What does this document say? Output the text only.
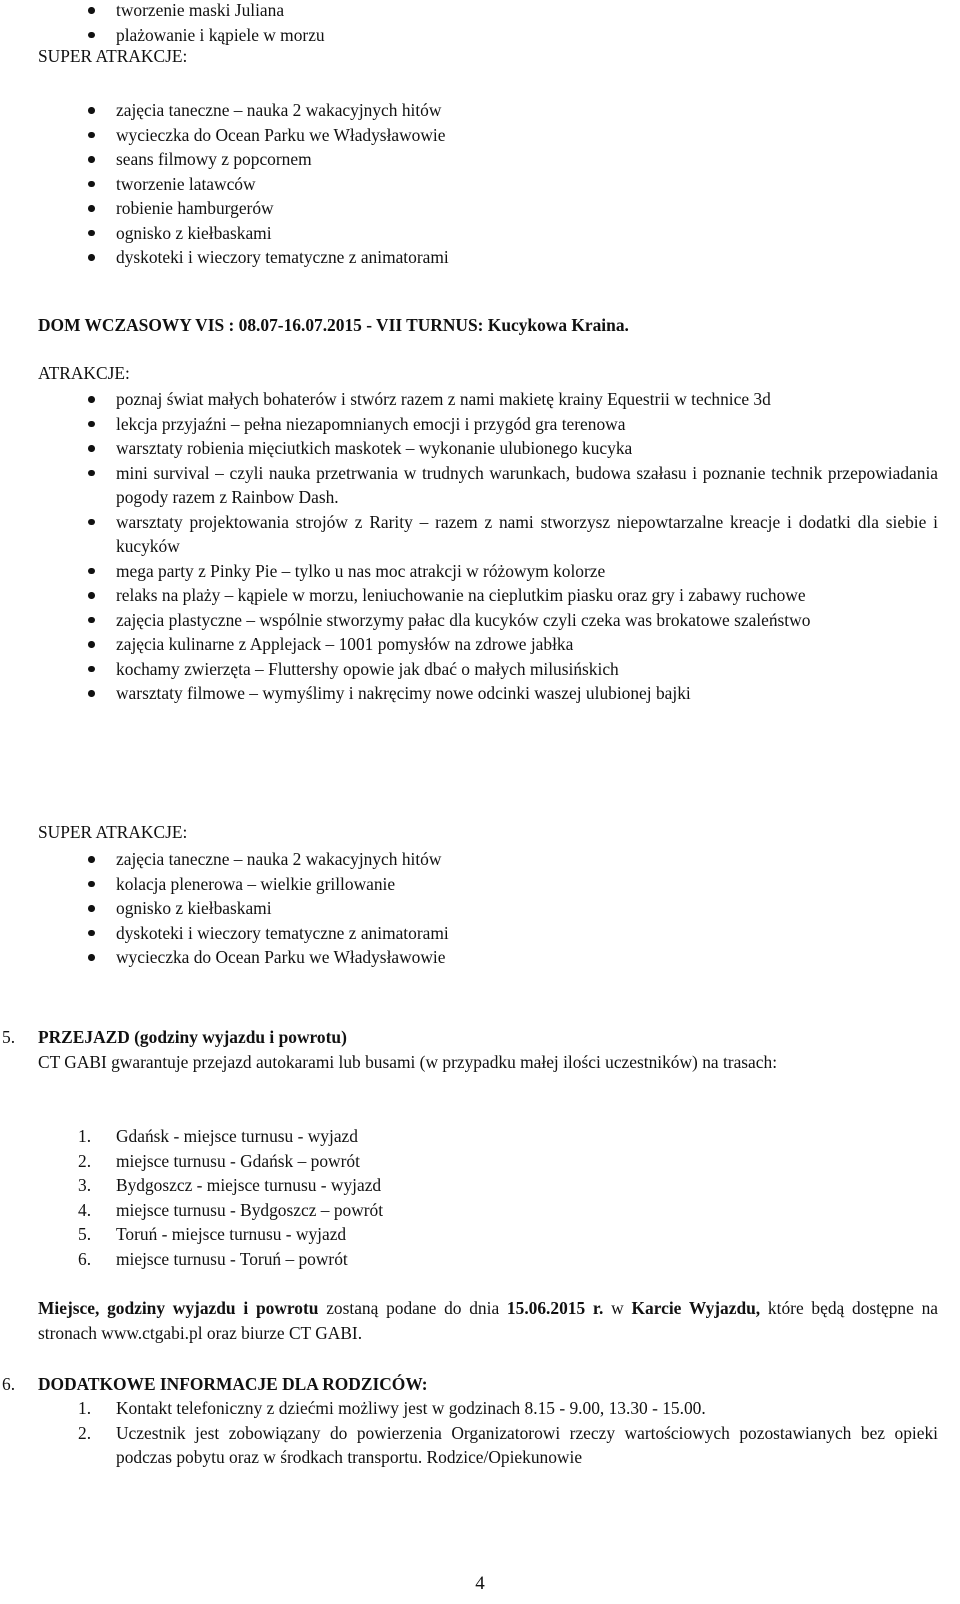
tworzenie maski Juliana
plażowanie i kąpiele w morzu
SUPER ATRAKCJE:
zajęcia taneczne – nauka 2 wakacyjnych hitów
wycieczka do Ocean Parku we Władysławowie
seans filmowy z popcornem
tworzenie latawców
robienie hamburgerów
ognisko z kiełbaskami
dyskoteki i wieczory tematyczne z animatorami
DOM WCZASOWY VIS : 08.07-16.07.2015 - VII TURNUS: Kucykowa Kraina.
ATRAKCJE:
poznaj świat małych bohaterów i stwórz razem z nami makietę krainy Equestrii w technice 3d
lekcja przyjaźni – pełna niezapomnianych emocji i przygód gra terenowa
warsztaty robienia mięciutkich maskotek – wykonanie ulubionego kucyka
mini survival – czyli nauka przetrwania w trudnych warunkach, budowa szałasu i poznanie technik przepowiadania pogody razem z Rainbow Dash.
warsztaty projektowania strojów z Rarity – razem z nami stworzysz niepowtarzalne kreacje i dodatki dla siebie i kucyków
mega party z Pinky Pie – tylko u nas moc atrakcji w różowym kolorze
relaks na plaży – kąpiele w morzu, leniuchowanie na cieplutkim piasku oraz gry i zabawy ruchowe
zajęcia plastyczne – wspólnie stworzymy pałac dla kucyków czyli czeka was brokatowe szaleństwo
zajęcia kulinarne z Applejack – 1001 pomysłów na zdrowe jabłka
kochamy zwierzęta – Fluttershy opowie jak dbać o małych milusińskich
warsztaty filmowe – wymyślimy i nakręcimy nowe odcinki waszej ulubionej bajki
SUPER ATRAKCJE:
zajęcia taneczne – nauka 2 wakacyjnych hitów
kolacja plenerowa – wielkie grillowanie
ognisko z kiełbaskami
dyskoteki i wieczory tematyczne z animatorami
wycieczka do Ocean Parku we Władysławowie
5. PRZEJAZD (godziny wyjazdu i powrotu)
CT GABI gwarantuje przejazd autokarami lub busami (w przypadku małej ilości uczestników) na trasach:
1. Gdańsk - miejsce turnusu - wyjazd
2. miejsce turnusu - Gdańsk – powrót
3. Bydgoszcz - miejsce turnusu - wyjazd
4. miejsce turnusu - Bydgoszcz – powrót
5. Toruń - miejsce turnusu - wyjazd
6. miejsce turnusu - Toruń – powrót
Miejsce, godziny wyjazdu i powrotu zostaną podane do dnia 15.06.2015 r. w Karcie Wyjazdu, które będą dostępne na stronach www.ctgabi.pl oraz biurze CT GABI.
6. DODATKOWE INFORMACJE DLA RODZICÓW:
1. Kontakt telefoniczny z dziećmi możliwy jest w godzinach 8.15 - 9.00, 13.30 - 15.00.
2. Uczestnik jest zobowiązany do powierzenia Organizatorowi rzeczy wartościowych pozostawianych bez opieki podczas pobytu oraz w środkach transportu. Rodzice/Opiekunowie
4
